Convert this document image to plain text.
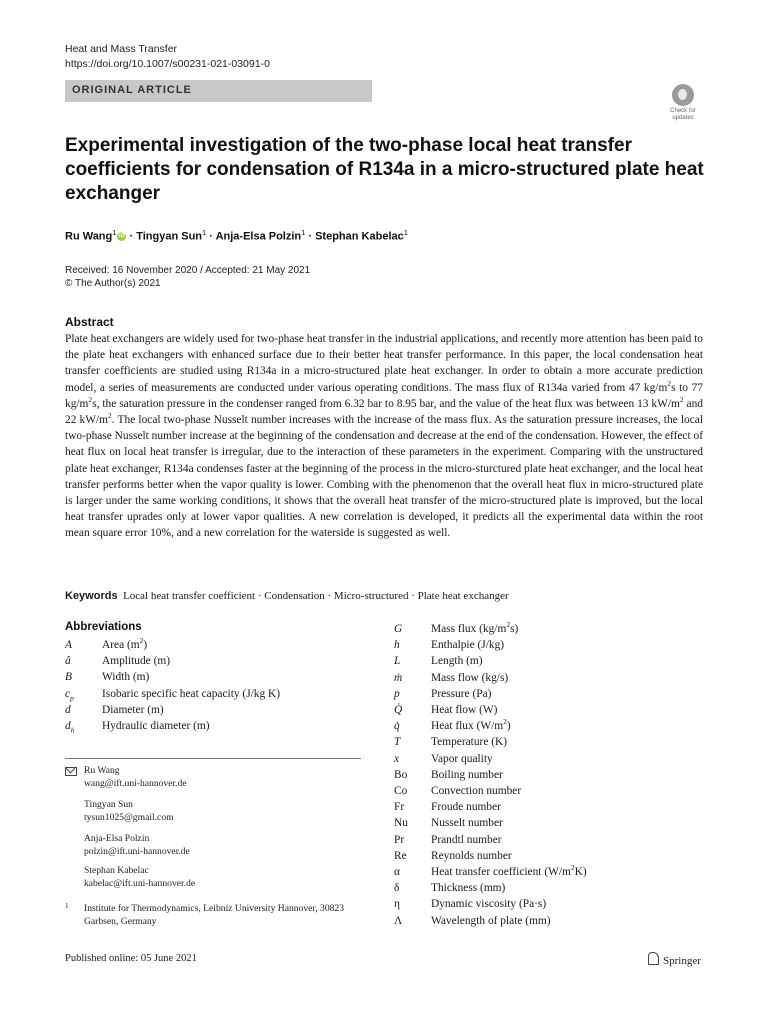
Heat and Mass Transfer
https://doi.org/10.1007/s00231-021-03091-0
ORIGINAL ARTICLE
Check for
updates
Experimental investigation of the two-phase local heat transfer coefficients for condensation of R134a in a micro-structured plate heat exchanger
Ru Wang$^1$ iD · Tingyan Sun$^1$ · Anja-Elsa Polzin$^1$ · Stephan Kabelac$^1$
Received: 16 November 2020 / Accepted: 21 May 2021
© The Author(s) 2021
Abstract
Plate heat exchangers are widely used for two-phase heat transfer in the industrial applications, and recently more attention has been paid to the plate heat exchangers with enhanced surface due to their better heat transfer performance. In this paper, the local condensation heat transfer coefficients are studied using R134a in a micro-structured plate heat exchanger. In order to obtain a more accurate prediction model, a series of measurements are conducted under various operating conditions. The mass flux of R134a varied from 47 $kg/m^2s$ to 77 $kg/m^2s$, the saturation pressure in the condenser ranged from 6.32 bar to 8.95 bar, and the value of the heat flux was between 13 $kW/m^2$ and 22 $kW/m^2$. The local two-phase Nusselt number increases with the increase of the mass flux. As the saturation pressure increases, the local two-phase Nusselt number increase at the beginning of the condensation and decrease at the end of the condensation. However, the effect of heat flux on local heat transfer is irregular, due to the interaction of these parameters in the experiment. Comparing with the unstructured plate heat exchanger, R134a condenses faster at the beginning of the process in the micro-sturctured plate heat exchanger, and the local heat transfer performs better when the vapor quality is lower. Combing with the phenomenon that the overall heat flux in micro-structured plate is larger under the same working conditions, it shows that the overall heat transfer of the micro-structured plate is improved, but the local heat transfer uprades only at lower vapor qualities. A new correlation is developed, it predicts all the experimental data within the root mean square error 10%, and a new correlation for the waterside is suggested as well.
Keywords Local heat transfer coefficient · Condensation · Micro-structured · Plate heat exchanger
Abbreviations
A	Area $(m^2)$
â	Amplitude (m)
B	Width (m)
$c_p$	Isobaric specific heat capacity (J/kg K)
d	Diameter (m)
$d_h$	Hydraulic diameter (m)
G	Mass flux $(kg/m^2s)$
h	Enthalpie (J/kg)
L	Length (m)
ṁ	Mass flow (kg/s)
p	Pressure (Pa)
Q̇	Heat flow (W)
q̇	Heat flux $(W/m^2)$
T	Temperature (K)
x	Vapor quality
Bo	Boiling number
Co	Convection number
Fr	Froude number
Nu	Nusselt number
Pr	Prandtl number
Re	Reynolds number
α	Heat transfer coefficient $(W/m^2K)$
δ	Thickness (mm)
η	Dynamic viscosity (Pa·s)
Λ	Wavelength of plate (mm)
Ru Wang
wang@ift.uni-hannover.de
Tingyan Sun
tysun1025@gmail.com
Anja-Elsa Polzin
polzin@ift.uni-hannover.de
Stephan Kabelac
kabelac@ift.uni-hannover.de
1 Institute for Thermodynamics, Leibniz University Hannover, 30823 Garbsen, Germany
Published online: 05 June 2021	Springer
